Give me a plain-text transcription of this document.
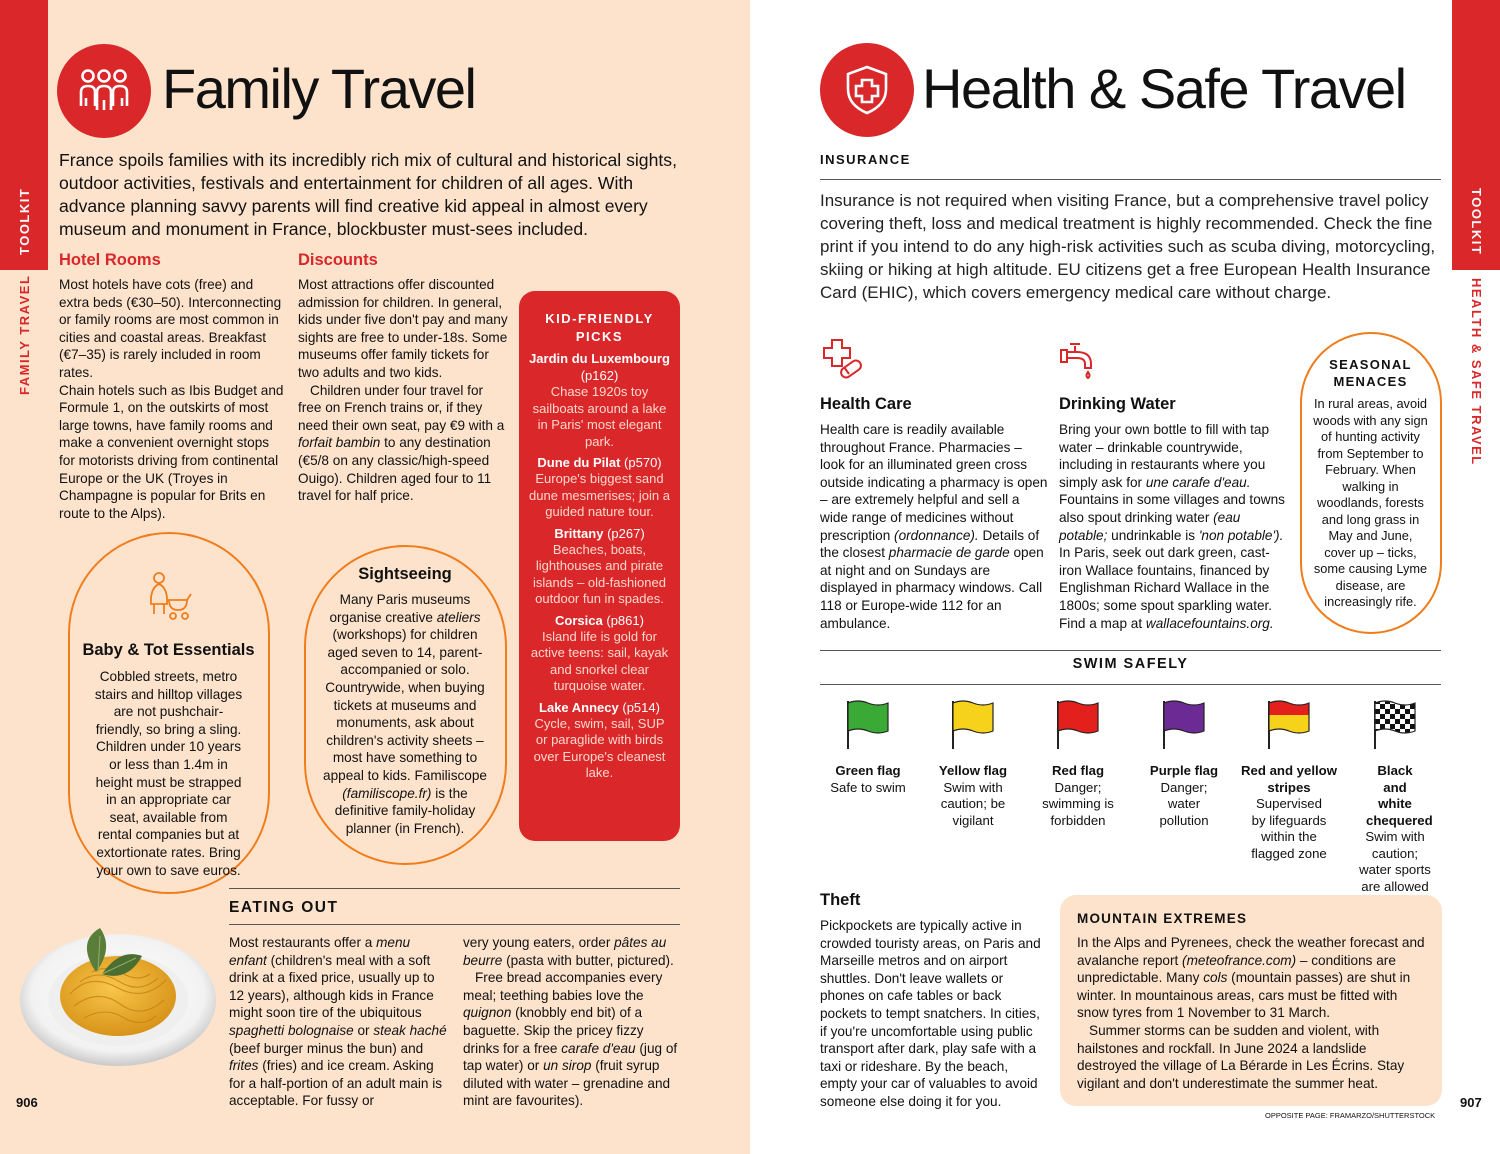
TOOLKIT
FAMILY TRAVEL
Family Travel
France spoils families with its incredibly rich mix of cultural and historical sights, outdoor activities, festivals and entertainment for children of all ages. With advance planning savvy parents will find creative kid appeal in almost every museum and monument in France, blockbuster must-sees included.
Hotel Rooms

Most hotels have cots (free) and extra beds (€30–50). Interconnecting or family rooms are most common in cities and coastal areas. Breakfast (€7–35) is rarely included in room rates.

Chain hotels such as Ibis Budget and Formule 1, on the outskirts of most large towns, have family rooms and make a convenient overnight stops for motorists driving from continental Europe or the UK (Troyes in Champagne is popular for Brits en route to the Alps).

Discounts

Most attractions offer discounted admission for children. In general, kids under five don't pay and many sights are free to under-18s. Some museums offer family tickets for two adults and two kids.

Children under four travel for free on French trains or, if they need their own seat, pay €9 with a forfait bambin to any destination (€5/8 on any classic/high-speed Ouigo). Children aged four to 11 travel for half price.

KID-FRIENDLY PICKS
Jardin du Luxembourg (p162)
Chase 1920s toy sailboats around a lake in Paris' most elegant park.
Dune du Pilat (p570)
Europe's biggest sand dune mesmerises; join a guided nature tour.
Brittany (p267)
Beaches, boats, lighthouses and pirate islands – old-fashioned outdoor fun in spades.
Corsica (p861)
Island life is gold for active teens: sail, kayak and snorkel clear turquoise water.
Lake Annecy (p514)
Cycle, swim, sail, SUP or paraglide with birds over Europe's cleanest lake.
Baby & Tot Essentials
Cobbled streets, metro stairs and hilltop villages are not pushchair-friendly, so bring a sling. Children under 10 years or less than 1.4m in height must be strapped in an appropriate car seat, available from rental companies but at extortionate rates. Bring your own to save euros.
Sightseeing
Many Paris museums organise creative ateliers (workshops) for children aged seven to 14, parent-accompanied or solo. Countrywide, when buying tickets at museums and monuments, ask about children's activity sheets – most have something to appeal to kids. Familiscope (familiscope.fr) is the definitive family-holiday planner (in French).
EATING OUT
Most restaurants offer a menu enfant (children's meal with a soft drink at a fixed price, usually up to 12 years), although kids in France might soon tire of the ubiquitous spaghetti bolognaise or steak haché (beef burger minus the bun) and frites (fries) and ice cream. Asking for a half-portion of an adult main is acceptable. For fussy or

very young eaters, order pâtes au beurre (pasta with butter, pictured).

Free bread accompanies every meal; teething babies love the quignon (knobbly end bit) of a baguette. Skip the pricey fizzy drinks for a free carafe d'eau (jug of tap water) or un sirop (fruit syrup diluted with water – grenadine and mint are favourites).

906
TOOLKIT
HEALTH & SAFE TRAVEL
Health & Safe Travel
INSURANCE
Insurance is not required when visiting France, but a comprehensive travel policy covering theft, loss and medical treatment is highly recommended. Check the fine print if you intend to do any high-risk activities such as scuba diving, motorcycling, skiing or hiking at high altitude. EU citizens get a free European Health Insurance Card (EHIC), which covers emergency medical care without charge.
Health Care
Health care is readily available throughout France. Pharmacies – look for an illuminated green cross outside indicating a pharmacy is open – are extremely helpful and sell a wide range of medicines without prescription (ordonnance). Details of the closest pharmacie de garde open at night and on Sundays are displayed in pharmacy windows. Call 118 or Europe-wide 112 for an ambulance.
Drinking Water
Bring your own bottle to fill with tap water – drinkable countrywide, including in restaurants where you simply ask for une carafe d'eau. Fountains in some villages and towns also spout drinking water (eau potable; undrinkable is 'non potable'). In Paris, seek out dark green, cast-iron Wallace fountains, financed by Englishman Richard Wallace in the 1800s; some spout sparkling water. Find a map at wallacefountains.org.
SEASONAL MENACES
In rural areas, avoid woods with any sign of hunting activity from September to February. When walking in woodlands, forests and long grass in May and June, cover up – ticks, some causing Lyme disease, are increasingly rife.
SWIM SAFELY
Green flag
Safe to swim
Yellow flag
Swim with caution; be vigilant
Red flag
Danger; swimming is forbidden
Purple flag
Danger; water pollution
Red and yellow stripes
Supervised by lifeguards within the flagged zone
Black and white chequered
Swim with caution; water sports are allowed
Theft
Pickpockets are typically active in crowded touristy areas, on Paris and Marseille metros and on airport shuttles. Don't leave wallets or phones on cafe tables or back pockets to tempt snatchers. In cities, if you're uncomfortable using public transport after dark, play safe with a taxi or rideshare. By the beach, empty your car of valuables to avoid someone else doing it for you.
MOUNTAIN EXTREMES

In the Alps and Pyrenees, check the weather forecast and avalanche report (meteofrance.com) – conditions are unpredictable. Many cols (mountain passes) are shut in winter. In mountainous areas, cars must be fitted with snow tyres from 1 November to 31 March.

Summer storms can be sudden and violent, with hailstones and rockfall. In June 2024 a landslide destroyed the village of La Bérarde in Les Écrins. Stay vigilant and don't underestimate the summer heat.

OPPOSITE PAGE: FRAMARZO/SHUTTERSTOCK
907
